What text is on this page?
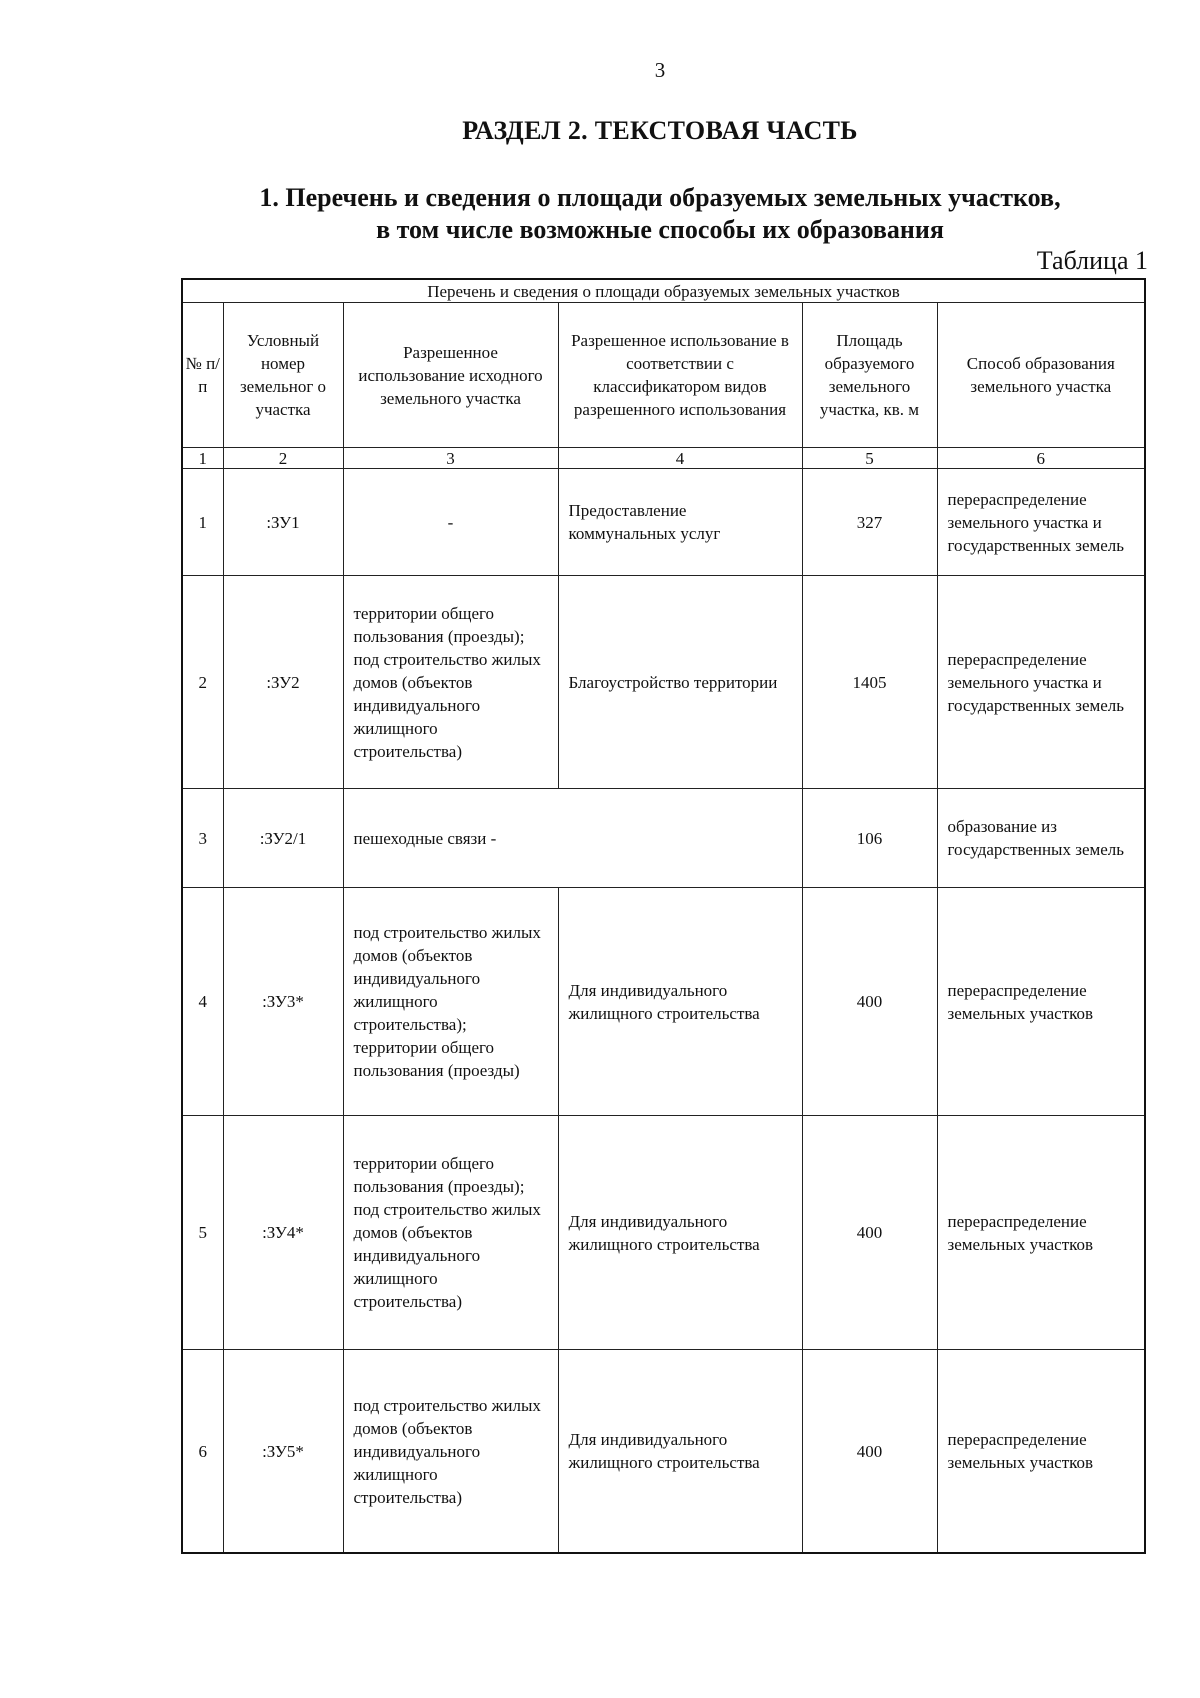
3
РАЗДЕЛ 2. ТЕКСТОВАЯ ЧАСТЬ
1. Перечень и сведения о площади образуемых земельных участков,
в том числе возможные способы их образования
Таблица 1
Перечень и сведения о площади образуемых земельных участков					
№ п/п	Условный номер земельног о участка	Разрешенное использование исходного земельного участка	Разрешенное использование в соответствии с классификатором видов разрешенного использования	Площадь образуемого земельного участка, кв. м	Способ образования земельного участка
1	2	3	4	5	6
1	:ЗУ1	-	Предоставление коммунальных услуг	327	перераспределение земельного участка и государственных земель
2	:ЗУ2	территории общего пользования (проезды); под строительство жилых домов (объектов индивидуального жилищного строительства)	Благоустройство территории	1405	перераспределение земельного участка и государственных земель
3	:ЗУ2/1	пешеходные связи -		106	образование из государственных земель
4	:ЗУ3*	под строительство жилых домов (объектов индивидуального жилищного строительства); территории общего пользования (проезды)	Для индивидуального жилищного строительства	400	перераспределение земельных участков
5	:ЗУ4*	территории общего пользования (проезды); под строительство жилых домов (объектов индивидуального жилищного строительства)	Для индивидуального жилищного строительства	400	перераспределение земельных участков
6	:ЗУ5*	под строительство жилых домов (объектов индивидуального жилищного строительства)	Для индивидуального жилищного строительства	400	перераспределение земельных участков
